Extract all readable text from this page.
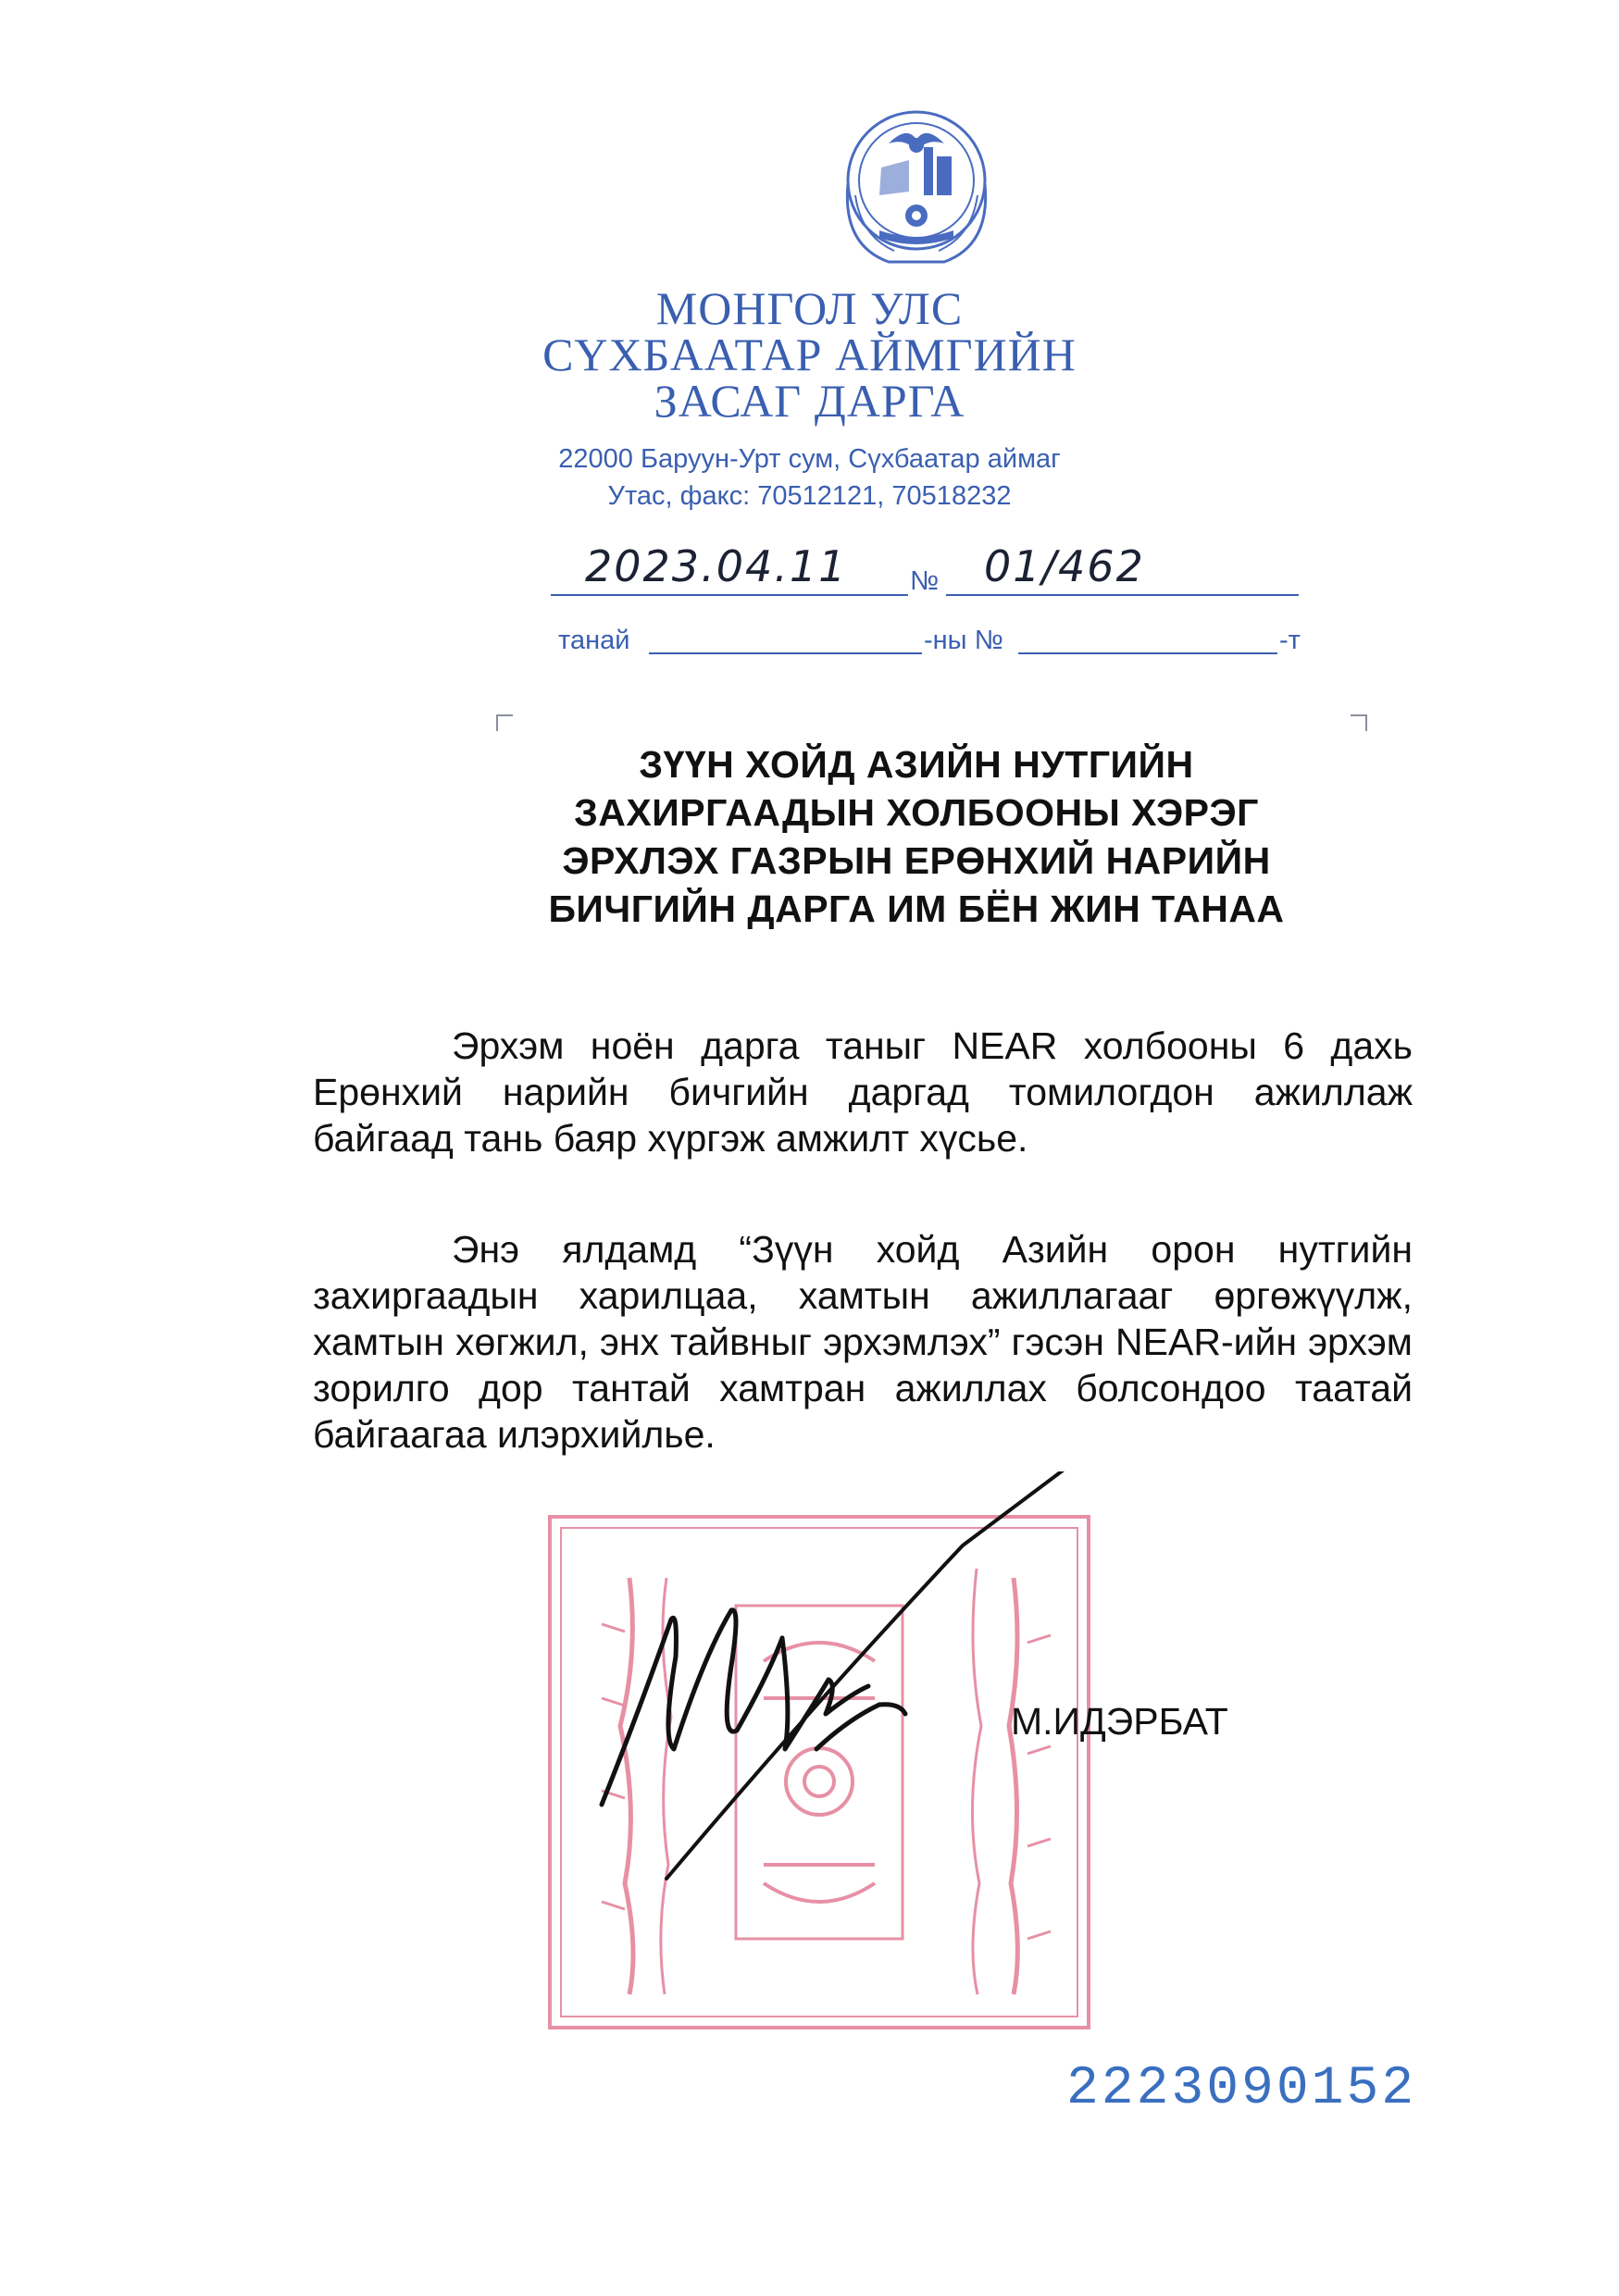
МОНГОЛ УЛС
СҮХБААТАР АЙМГИЙН
ЗАСАГ ДАРГА
22000 Баруун-Урт сум, Сүхбаатар аймаг
Утас, факс: 70512121, 70518232
2023.04.11 № 01/462
танай	-ны №	-т
ЗҮҮН ХОЙД АЗИЙН НУТГИЙН
ЗАХИРГААДЫН ХОЛБООНЫ ХЭРЭГ
ЭРХЛЭХ ГАЗРЫН ЕРӨНХИЙ НАРИЙН
БИЧГИЙН ДАРГА ИМ БЁН ЖИН ТАНАА
Эрхэм ноён дарга таныг NEAR холбооны 6 дахь Ерөнхий нарийн бичгийн даргад томилогдон ажиллаж байгаад тань баяр хүргэж амжилт хүсье.
Энэ ялдамд “Зүүн хойд Азийн орон нутгийн захиргаадын харилцаа, хамтын ажиллагааг өргөжүүлж, хамтын хөгжил, энх тайвныг эрхэмлэх” гэсэн NEAR-ийн эрхэм зорилго дор тантай хамтран ажиллах болсондоо таатай байгаагаа илэрхийлье.
М.ИДЭРБАТ
2223090152
